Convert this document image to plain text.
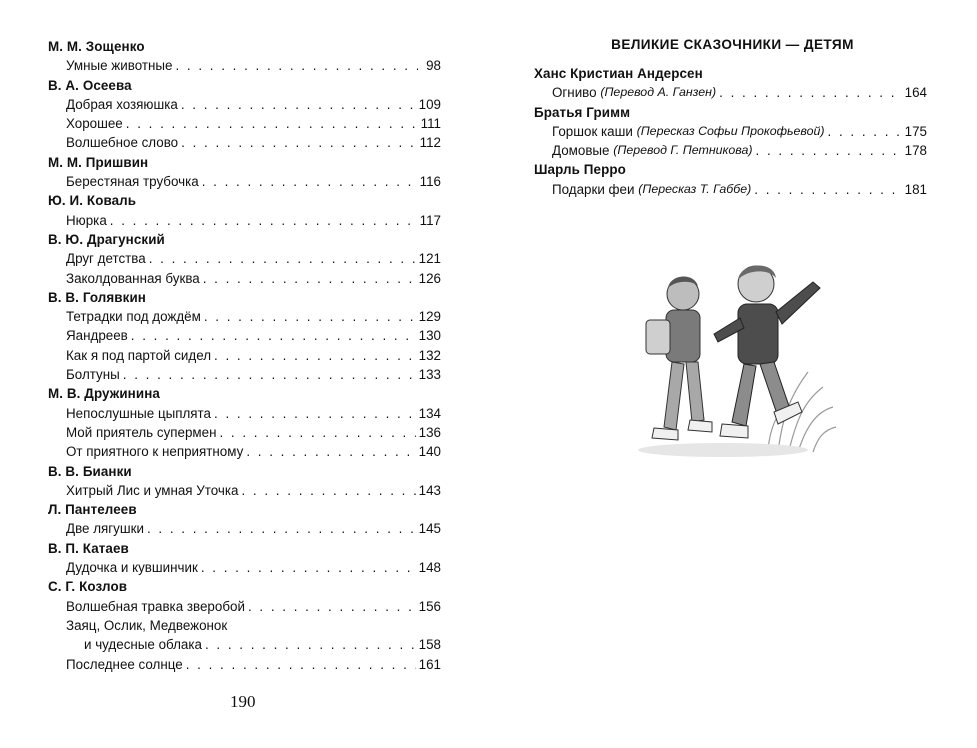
М. М. Зощенко
Умные животные . . .	98
В. А. Осеева
Добрая хозяюшка . . .	109
Хорошее . . .	111
Волшебное слово . . .	112
М. М. Пришвин
Берестяная трубочка . . .	116
Ю. И. Коваль
Нюрка . . .	117
В. Ю. Драгунский
Друг детства . . .	121
Заколдованная буква . . .	126
В. В. Голявкин
Тетрадки под дождём . . .	129
Яандреев . . .	130
Как я под партой сидел . . .	132
Болтуны . . .	133
М. В. Дружинина
Непослушные цыплята . . .	134
Мой приятель супермен . . .	136
От приятного к неприятному . . .	140
В. В. Бианки
Хитрый Лис и умная Уточка . . .	143
Л. Пантелеев
Две лягушки . . .	145
В. П. Катаев
Дудочка и кувшинчик . . .	148
С. Г. Козлов
Волшебная травка зверобой . . .	156
Заяц, Ослик, Медвежонок
и чудесные облака . . .	158
Последнее солнце . . .	161
190
ВЕЛИКИЕ СКАЗОЧНИКИ — ДЕТЯМ
Ханс Кристиан Андерсен
Огниво
(Перевод А. Ганзен) . . .	164
Братья Гримм
Горшок каши
(Пересказ Софьи Прокофьевой) . . .	175
Домовые
(Перевод Г. Петникова) . . .	178
Шарль Перро
Подарки феи
(Пересказ Т. Габбе) . . .	181
